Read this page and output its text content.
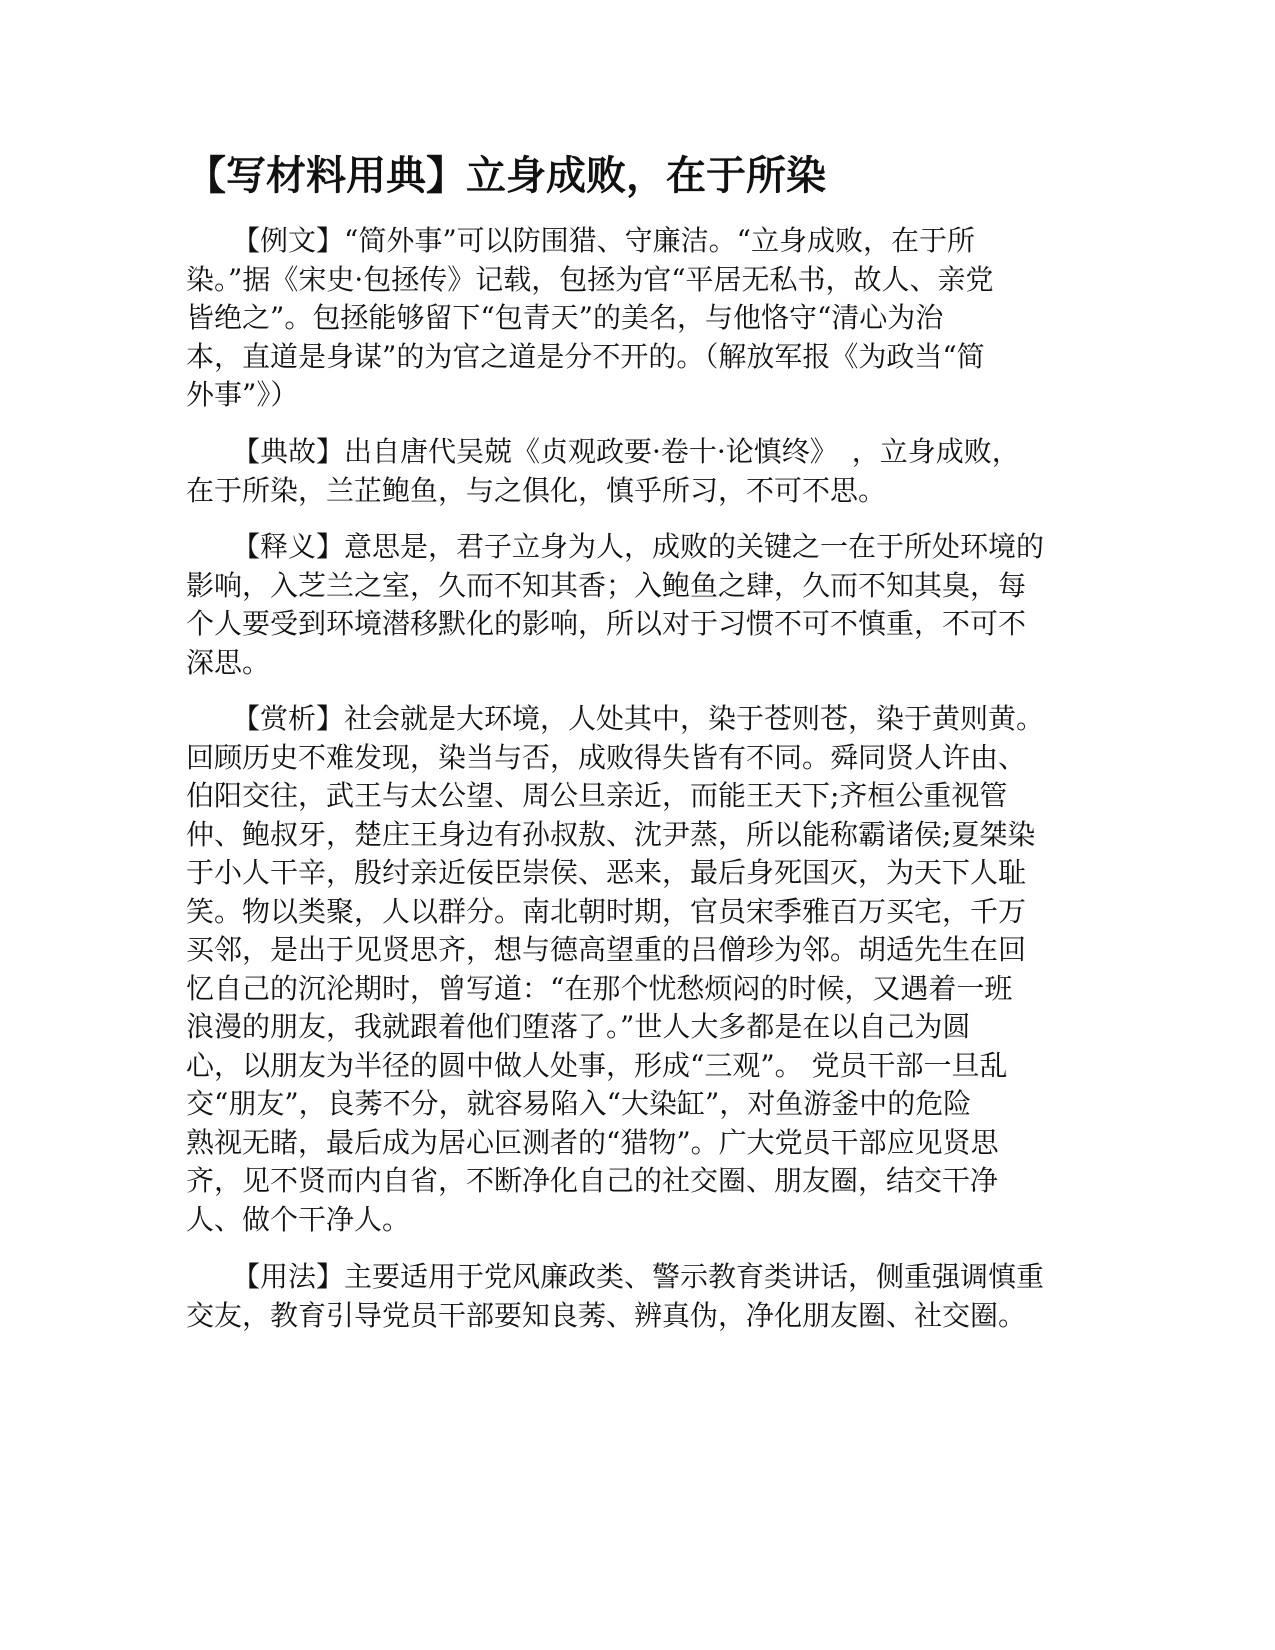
【写材料用典】立身成败，在于所染
【例文】“简外事”可以防围猎、守廉洁。“立身成败，在于所
染。”据《宋史·包拯传》记载，包拯为官“平居无私书，故人、亲党
皆绝之”。包拯能够留下“包青天”的美名，与他恪守“清心为治
本，直道是身谋”的为官之道是分不开的。（解放军报《为政当“简
外事”》）
【典故】出自唐代吴兢《贞观政要·卷十·论慎终》　，立身成败，
在于所染，兰芷鲍鱼，与之俱化，慎乎所习，不可不思。
【释义】意思是，君子立身为人，成败的关键之一在于所处环境的
影响，入芝兰之室，久而不知其香；入鲍鱼之肆，久而不知其臭，每
个人要受到环境潜移默化的影响，所以对于习惯不可不慎重，不可不
深思。
【赏析】社会就是大环境，人处其中，染于苍则苍，染于黄则黄。
回顾历史不难发现，染当与否，成败得失皆有不同。舜同贤人许由、
伯阳交往，武王与太公望、周公旦亲近，而能王天下;齐桓公重视管
仲、鲍叔牙，楚庄王身边有孙叔敖、沈尹蒸，所以能称霸诸侯;夏桀染
于小人干辛，殷纣亲近佞臣崇侯、恶来，最后身死国灭，为天下人耻
笑。物以类聚，人以群分。南北朝时期，官员宋季雅百万买宅，千万
买邻，是出于见贤思齐，想与德高望重的吕僧珍为邻。胡适先生在回
忆自己的沉沦期时，曾写道：“在那个忧愁烦闷的时候，又遇着一班
浪漫的朋友，我就跟着他们堕落了。”世人大多都是在以自己为圆
心，以朋友为半径的圆中做人处事，形成“三观”。 党员干部一旦乱
交“朋友”，良莠不分，就容易陷入“大染缸”，对鱼游釜中的危险
熟视无睹，最后成为居心叵测者的“猎物”。广大党员干部应见贤思
齐，见不贤而内自省，不断净化自己的社交圈、朋友圈，结交干净
人、做个干净人。
【用法】主要适用于党风廉政类、警示教育类讲话，侧重强调慎重
交友，教育引导党员干部要知良莠、辨真伪，净化朋友圈、社交圈。
